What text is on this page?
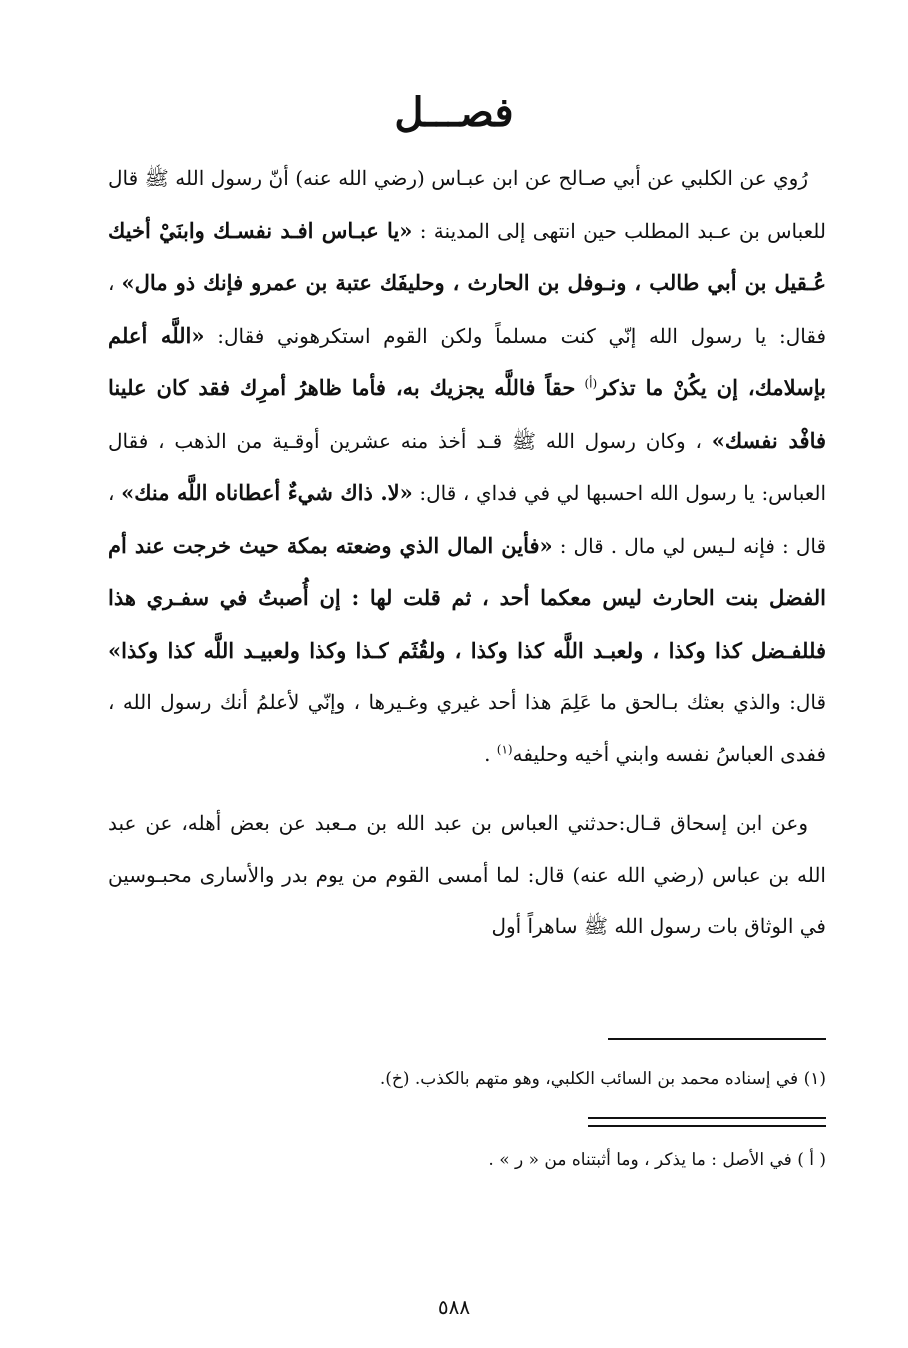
فصـــل

رُوي عن الكلبي عن أبي صـالح عن ابن عبـاس (رضي الله عنه) أنّ رسول الله ﷺ قال للعباس بن عـبد المطلب حين انتهى إلى المدينة : «يا عبـاس افـد نفسـك وابنَيْ أخيك عُـقيل بن أبي طالب ، ونـوفل بن الحارث ، وحليفَك عتبة بن عمرو فإنك ذو مال» ، فقال: يا رسول الله إنّي كنت مسلماً ولكن القوم استكرهوني فقال: «اللَّه أعلم بإسلامك، إن يكُنْ ما تذكر$^{(أ)}$ حقاً فاللَّه يجزيك به، فأما ظاهرُ أمرِك فقد كان علينا فافْد نفسك» ، وكان رسول الله ﷺ قـد أخذ منه عشرين أوقـية من الذهب ، فقال العباس: يا رسول الله احسبها لي في فداي ، قال: «لا. ذاك شيءٌ أعطاناه اللَّه منك» ، قال : فإنه لـيس لي مال . قال : «فأين المال الذي وضعته بمكة حيث خرجت عند أم الفضل بنت الحارث ليس معكما أحد ، ثم قلت لها : إن أُصبتُ في سفـري هذا فللفـضل كذا وكذا ، ولعبـد اللَّه كذا وكذا ، ولقُثَم كـذا وكذا ولعبيـد اللَّه كذا وكذا» قال: والذي بعثك بـالحق ما عَلِمَ هذا أحد غيري وغـيرها ، وإنّي لأعلمُ أنك رسول الله ، ففدى العباسُ نفسه وابني أخيه وحليفه$^{(١)}$ .

وعن ابن إسحاق قـال:حدثني العباس بن عبد الله بن مـعبد عن بعض أهله، عن عبد الله بن عباس (رضي الله عنه) قال: لما أمسى القوم من يوم بدر والأسارى محبـوسين في الوثاق بات رسول الله ﷺ ساهراً أول

(١) في إسناده محمد بن السائب الكلبي، وهو متهم بالكذب. (خ).
( أ ) في الأصل : ما يذكر ، وما أثبتناه من « ر » .
٥٨٨
